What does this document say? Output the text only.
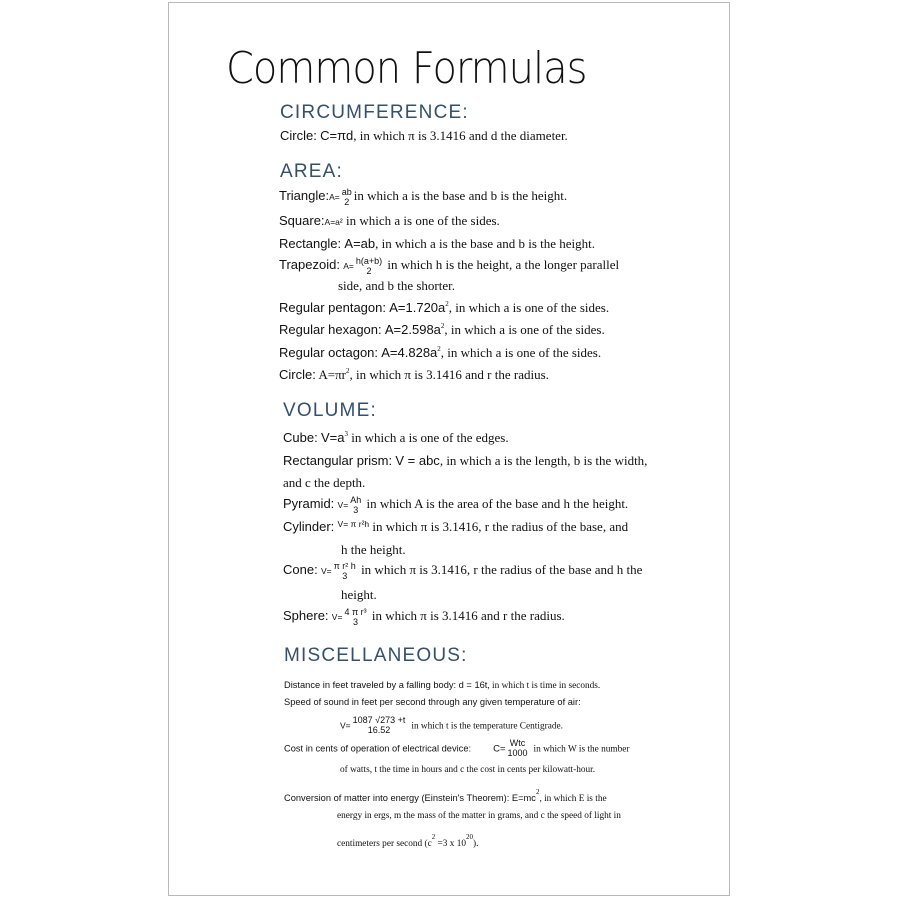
Common Formulas
CIRCUMFERENCE:
Circle: C=πd, in which π is 3.1416 and d the diameter.
AREA:
Triangle:A= ab
2 in which a is the base and b is the height.
Square:A=a² in which a is one of the sides.
Rectangle: A=ab, in which a is the base and b is the height.
Trapezoid: A= h(a+b)
2	in which h is the height, a the longer parallel
side, and b the shorter.
Regular pentagon: $A=1.720a^2$, in which a is one of the sides.
Regular hexagon: $A=2.598a^2$, in which a is one of the sides.
Regular octagon: $A=4.828a^2$, in which a is one of the sides.
Circle: $A=\pi r^2$, in which π is 3.1416 and r the radius.
VOLUME:
Cube: $V=a^3$ in which a is one of the edges.
Rectangular prism: V = abc, in which a is the length, b is the width,
and c the depth.
Pyramid: V= Ah
3 in which A is the area of the base and h the height.
Cylinder: $^{V= \pi r^2h}$ in which π is 3.1416, r the radius of the base, and
h the height.
Cone: V= π r² h
3	in which π is 3.1416, r the radius of the base and h the
height.
Sphere: V= 4 π r³
3	in which π is 3.1416 and r the radius.
MISCELLANEOUS:
Distance in feet traveled by a falling body: d = 16t, in which t is time in seconds.
Speed of sound in feet per second through any given temperature of air:
V=
1087 √273 +t
16.52	in which t is the temperature Centigrade.
Cost in cents of operation of electrical device: C=
Wtc
1000 in which W is the number
of watts, t the time in hours and c the cost in cents per kilowatt-hour.
Conversion of matter into energy (Einstein's Theorem): $E=mc^2$, in which E is the
energy in ergs, m the mass of the matter in grams, and c the speed of light in
centimeters per second ($c^2 =3$ x $10^{20}$).
